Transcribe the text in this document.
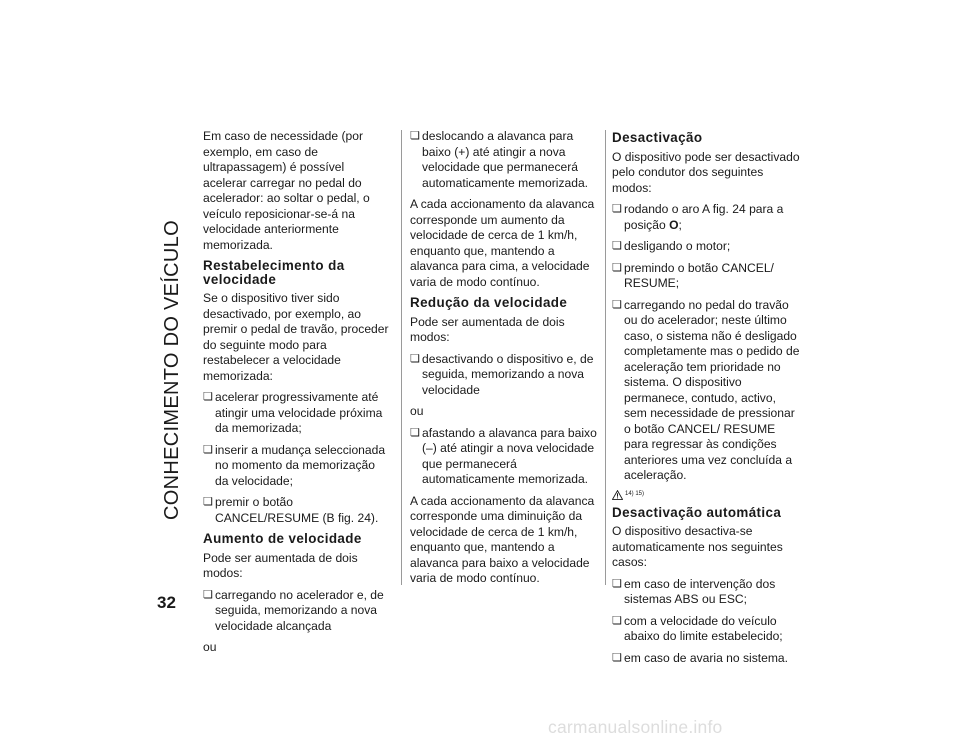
CONHECIMENTO DO VEÍCULO

Em caso de necessidade (por exemplo, em caso de ultrapassagem) é possível acelerar carregar no pedal do acelerador: ao soltar o pedal, o veículo reposicionar-se-á na velocidade anteriormente memorizada.

Restabelecimento da velocidade

Se o dispositivo tiver sido desactivado, por exemplo, ao premir o pedal de travão, proceder do seguinte modo para restabelecer a velocidade memorizada:

❏ acelerar progressivamente até atingir uma velocidade próxima da memorizada;
❏ inserir a mudança seleccionada no momento da memorização da velocidade;
❏ premir o botão CANCEL/RESUME (B fig. 24).
Aumento de velocidade

Pode ser aumentada de dois modos:

❏ carregando no acelerador e, de seguida, memorizando a nova velocidade alcançada

ou

❏ deslocando a alavanca para baixo (+) até atingir a nova velocidade que permanecerá automaticamente memorizada.

A cada accionamento da alavanca corresponde um aumento da velocidade de cerca de 1 km/h, enquanto que, mantendo a alavanca para cima, a velocidade varia de modo contínuo.

Redução da velocidade

Pode ser aumentada de dois modos:

❏ desactivando o dispositivo e, de seguida, memorizando a nova velocidade

ou

❏ afastando a alavanca para baixo (–) até atingir a nova velocidade que permanecerá automaticamente memorizada.

A cada accionamento da alavanca corresponde uma diminuição da velocidade de cerca de 1 km/h, enquanto que, mantendo a alavanca para baixo a velocidade varia de modo contínuo.

Desactivação

O dispositivo pode ser desactivado pelo condutor dos seguintes modos:

❏ rodando o aro A fig. 24 para a posição O;
❏ desligando o motor;
❏ premindo o botão CANCEL/ RESUME;
❏ carregando no pedal do travão ou do acelerador; neste último caso, o sistema não é desligado completamente mas o pedido de aceleração tem prioridade no sistema. O dispositivo permanece, contudo, activo, sem necessidade de pressionar o botão CANCEL/ RESUME para regressar às condições anteriores uma vez concluída a aceleração.
14) 15)
Desactivação automática

O dispositivo desactiva-se automaticamente nos seguintes casos:

❏ em caso de intervenção dos sistemas ABS ou ESC;
❏ com a velocidade do veículo abaixo do limite estabelecido;
❏ em caso de avaria no sistema.
32
carmanualsonline.info
